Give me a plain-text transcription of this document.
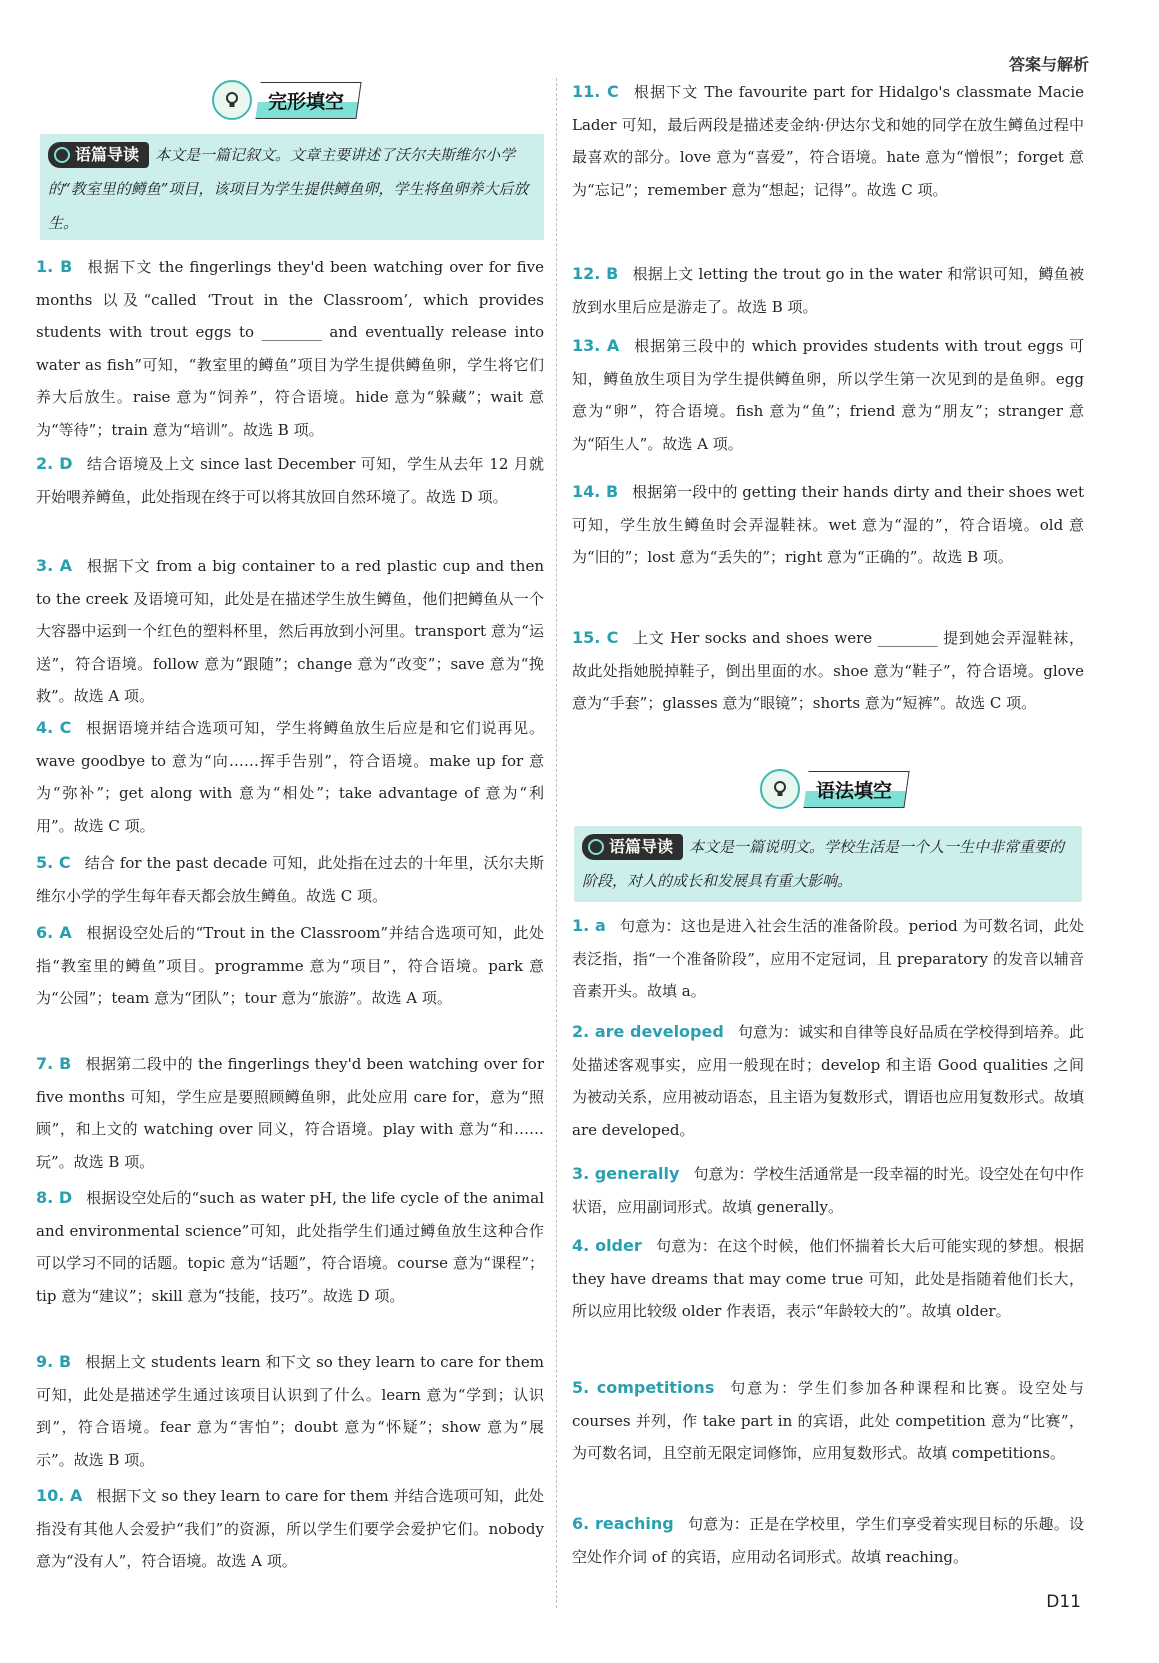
答案与解析
完形填空
语篇导读 本文是一篇记叙文。文章主要讲述了沃尔夫斯维尔小学的“教室里的鳟鱼”项目，该项目为学生提供鳟鱼卵，学生将鱼卵养大后放生。
1. B 根据下文 the fingerlings they'd been watching over for five months 以及“called ‘Trout in the Classroom’, which provides students with trout eggs to ________ and eventually release into water as fish”可知，“教室里的鳟鱼”项目为学生提供鳟鱼卵，学生将它们养大后放生。raise 意为“饲养”，符合语境。hide 意为“躲藏”；wait 意为“等待”；train 意为“培训”。故选 B 项。
2. D 结合语境及上文 since last December 可知，学生从去年 12 月就开始喂养鳟鱼，此处指现在终于可以将其放回自然环境了。故选 D 项。
3. A 根据下文 from a big container to a red plastic cup and then to the creek 及语境可知，此处是在描述学生放生鳟鱼，他们把鳟鱼从一个大容器中运到一个红色的塑料杯里，然后再放到小河里。transport 意为“运送”，符合语境。follow 意为“跟随”；change 意为“改变”；save 意为“挽救”。故选 A 项。
4. C 根据语境并结合选项可知，学生将鳟鱼放生后应是和它们说再见。wave goodbye to 意为“向……挥手告别”，符合语境。make up for 意为“弥补”；get along with 意为“相处”；take advantage of 意为“利用”。故选 C 项。
5. C 结合 for the past decade 可知，此处指在过去的十年里，沃尔夫斯维尔小学的学生每年春天都会放生鳟鱼。故选 C 项。
6. A 根据设空处后的“Trout in the Classroom”并结合选项可知，此处指“教室里的鳟鱼”项目。programme 意为“项目”，符合语境。park 意为“公园”；team 意为“团队”；tour 意为“旅游”。故选 A 项。
7. B 根据第二段中的 the fingerlings they'd been watching over for five months 可知，学生应是要照顾鳟鱼卵，此处应用 care for，意为“照顾”，和上文的 watching over 同义，符合语境。play with 意为“和……玩”。故选 B 项。
8. D 根据设空处后的“such as water pH, the life cycle of the animal and environmental science”可知，此处指学生们通过鳟鱼放生这种合作可以学习不同的话题。topic 意为“话题”，符合语境。course 意为“课程”；tip 意为“建议”；skill 意为“技能，技巧”。故选 D 项。
9. B 根据上文 students learn 和下文 so they learn to care for them 可知，此处是描述学生通过该项目认识到了什么。learn 意为“学到；认识到”，符合语境。fear 意为“害怕”；doubt 意为“怀疑”；show 意为“展示”。故选 B 项。
10. A 根据下文 so they learn to care for them 并结合选项可知，此处指没有其他人会爱护“我们”的资源，所以学生们要学会爱护它们。nobody 意为“没有人”，符合语境。故选 A 项。
11. C 根据下文 The favourite part for Hidalgo's classmate Macie Lader 可知，最后两段是描述麦金纳·伊达尔戈和她的同学在放生鳟鱼过程中最喜欢的部分。love 意为“喜爱”，符合语境。hate 意为“憎恨”；forget 意为“忘记”；remember 意为“想起；记得”。故选 C 项。
12. B 根据上文 letting the trout go in the water 和常识可知，鳟鱼被放到水里后应是游走了。故选 B 项。
13. A 根据第三段中的 which provides students with trout eggs 可知，鳟鱼放生项目为学生提供鳟鱼卵，所以学生第一次见到的是鱼卵。egg 意为“卵”，符合语境。fish 意为“鱼”；friend 意为“朋友”；stranger 意为“陌生人”。故选 A 项。
14. B 根据第一段中的 getting their hands dirty and their shoes wet 可知，学生放生鳟鱼时会弄湿鞋袜。wet 意为“湿的”，符合语境。old 意为“旧的”；lost 意为“丢失的”；right 意为“正确的”。故选 B 项。
15. C 上文 Her socks and shoes were ________ 提到她会弄湿鞋袜，故此处指她脱掉鞋子，倒出里面的水。shoe 意为“鞋子”，符合语境。glove 意为“手套”；glasses 意为“眼镜”；shorts 意为“短裤”。故选 C 项。
语法填空
语篇导读 本文是一篇说明文。学校生活是一个人一生中非常重要的阶段，对人的成长和发展具有重大影响。
1. a 句意为：这也是进入社会生活的准备阶段。period 为可数名词，此处表泛指，指“一个准备阶段”，应用不定冠词，且 preparatory 的发音以辅音音素开头。故填 a。
2. are developed 句意为：诚实和自律等良好品质在学校得到培养。此处描述客观事实，应用一般现在时；develop 和主语 Good qualities 之间为被动关系，应用被动语态，且主语为复数形式，谓语也应用复数形式。故填 are developed。
3. generally 句意为：学校生活通常是一段幸福的时光。设空处在句中作状语，应用副词形式。故填 generally。
4. older 句意为：在这个时候，他们怀揣着长大后可能实现的梦想。根据 they have dreams that may come true 可知，此处是指随着他们长大，所以应用比较级 older 作表语，表示“年龄较大的”。故填 older。
5. competitions 句意为：学生们参加各种课程和比赛。设空处与 courses 并列，作 take part in 的宾语，此处 competition 意为“比赛”，为可数名词，且空前无限定词修饰，应用复数形式。故填 competitions。
6. reaching 句意为：正是在学校里，学生们享受着实现目标的乐趣。设空处作介词 of 的宾语，应用动名词形式。故填 reaching。
D11
